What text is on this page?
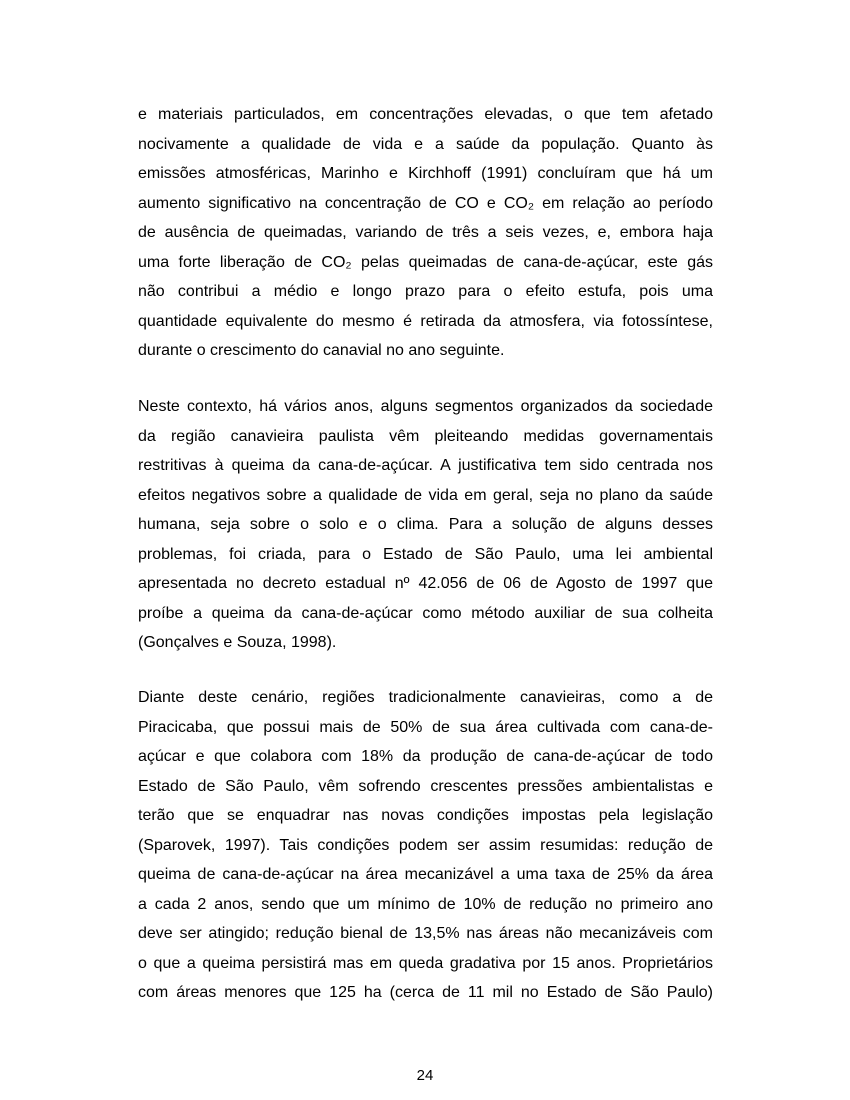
e materiais particulados, em concentrações elevadas, o que tem afetado
nocivamente a qualidade de vida e a saúde da população. Quanto às
emissões atmosféricas, Marinho e Kirchhoff (1991) concluíram que há um
aumento significativo na concentração de CO e CO₂ em relação ao período
de ausência de queimadas, variando de três a seis vezes, e, embora haja
uma forte liberação de CO₂ pelas queimadas de cana-de-açúcar, este gás
não contribui a médio e longo prazo para o efeito estufa, pois uma
quantidade equivalente do mesmo é retirada da atmosfera, via fotossíntese,
durante o crescimento do canavial no ano seguinte.
Neste contexto, há vários anos, alguns segmentos organizados da sociedade
da região canavieira paulista vêm pleiteando medidas governamentais
restritivas à queima da cana-de-açúcar. A justificativa tem sido centrada nos
efeitos negativos sobre a qualidade de vida em geral, seja no plano da saúde
humana, seja sobre o solo e o clima. Para a solução de alguns desses
problemas, foi criada, para o Estado de São Paulo, uma lei ambiental
apresentada no decreto estadual nº 42.056 de 06 de Agosto de 1997 que
proíbe a queima da cana-de-açúcar como método auxiliar de sua colheita
(Gonçalves e Souza, 1998).
Diante deste cenário, regiões tradicionalmente canavieiras, como a de
Piracicaba, que possui mais de 50% de sua área cultivada com cana-de-
açúcar e que colabora com 18% da produção de cana-de-açúcar de todo
Estado de São Paulo, vêm sofrendo crescentes pressões ambientalistas e
terão que se enquadrar nas novas condições impostas pela legislação
(Sparovek, 1997). Tais condições podem ser assim resumidas: redução de
queima de cana-de-açúcar na área mecanizável a uma taxa de 25% da área
a cada 2 anos, sendo que um mínimo de 10% de redução no primeiro ano
deve ser atingido; redução bienal de 13,5% nas áreas não mecanizáveis com
o que a queima persistirá mas em queda gradativa por 15 anos. Proprietários
com áreas menores que 125 ha (cerca de 11 mil no Estado de São Paulo)
24
